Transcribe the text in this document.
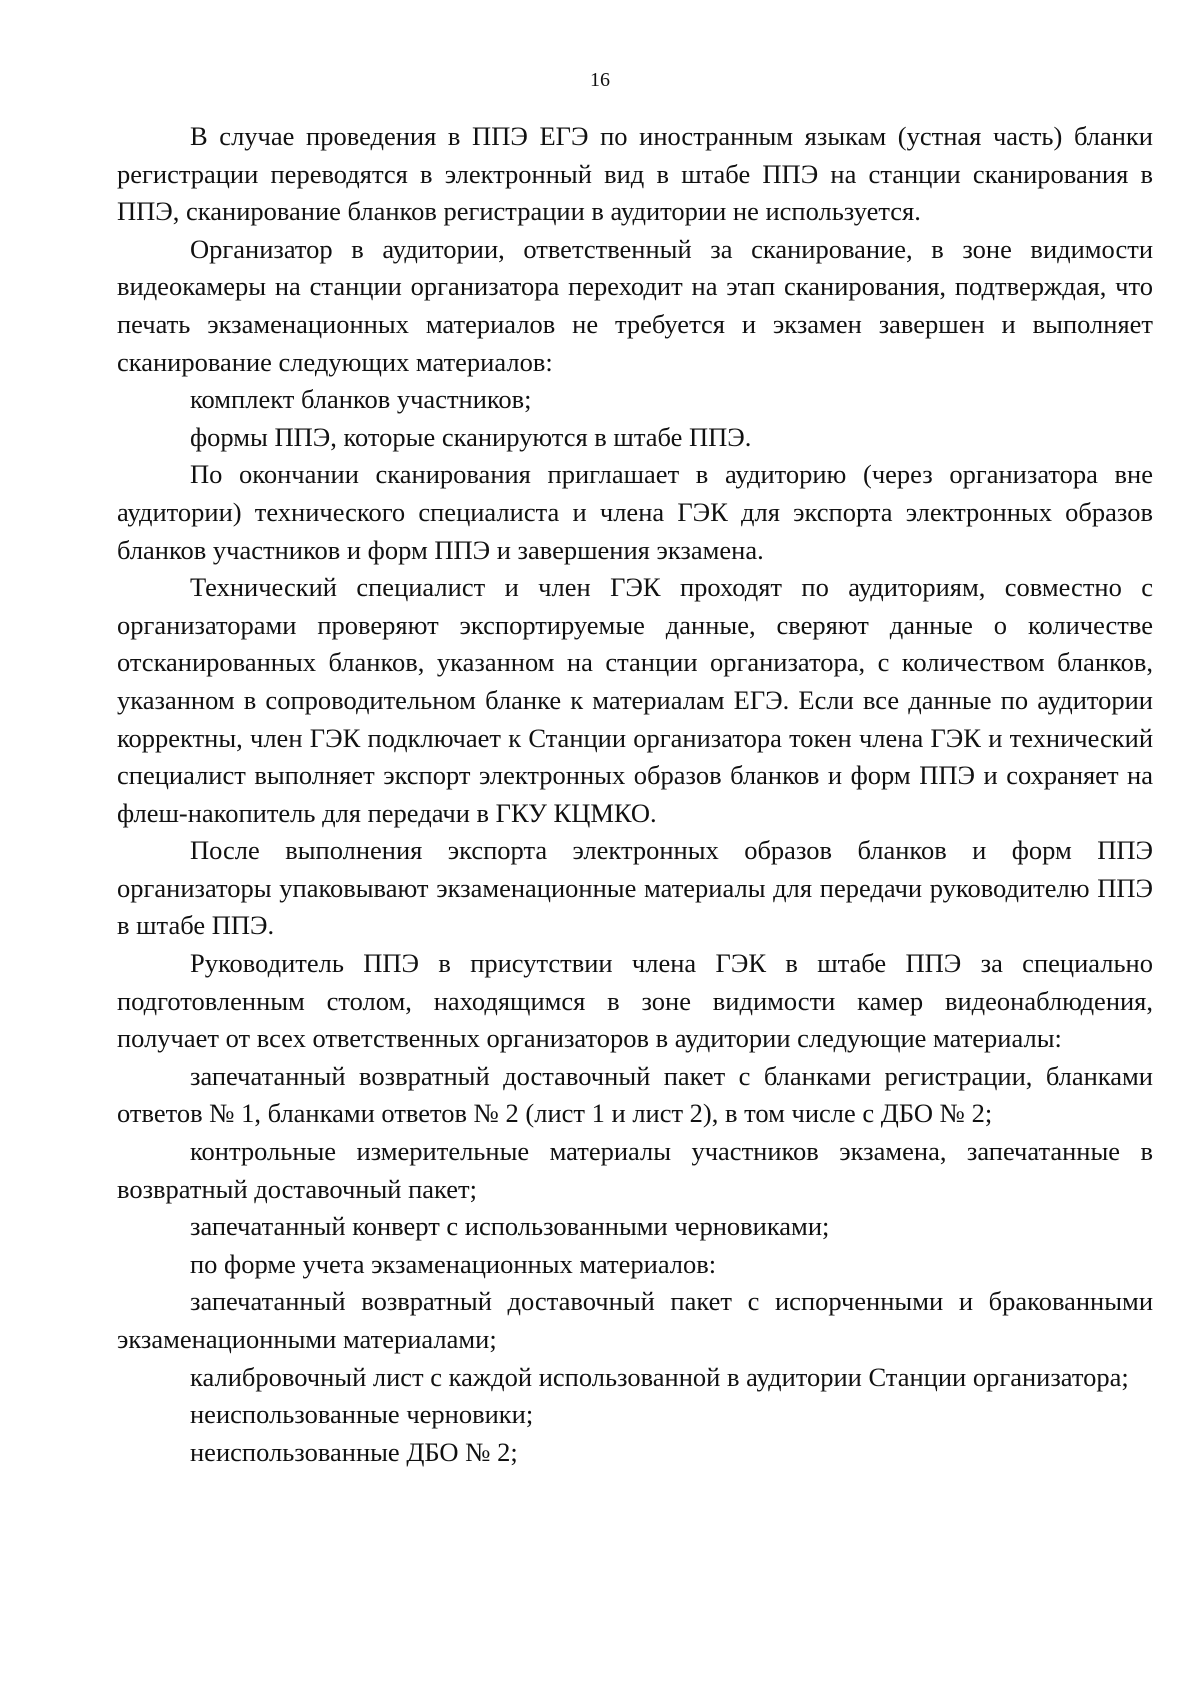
16

В случае проведения в ППЭ ЕГЭ по иностранным языкам (устная часть) бланки регистрации переводятся в электронный вид в штабе ППЭ на станции сканирования в ППЭ, сканирование бланков регистрации в аудитории не используется.

Организатор в аудитории, ответственный за сканирование, в зоне видимости видеокамеры на станции организатора переходит на этап сканирования, подтверждая, что печать экзаменационных материалов не требуется и экзамен завершен и выполняет сканирование следующих материалов:

комплект бланков участников;

формы ППЭ, которые сканируются в штабе ППЭ.

По окончании сканирования приглашает в аудиторию (через организатора вне аудитории) технического специалиста и члена ГЭК для экспорта электронных образов бланков участников и форм ППЭ и завершения экзамена.

Технический специалист и член ГЭК проходят по аудиториям, совместно с организаторами проверяют экспортируемые данные, сверяют данные о количестве отсканированных бланков, указанном на станции организатора, с количеством бланков, указанном в сопроводительном бланке к материалам ЕГЭ. Если все данные по аудитории корректны, член ГЭК подключает к Станции организатора токен члена ГЭК и технический специалист выполняет экспорт электронных образов бланков и форм ППЭ и сохраняет на флеш-накопитель для передачи в ГКУ КЦМКО.

После выполнения экспорта электронных образов бланков и форм ППЭ организаторы упаковывают экзаменационные материалы для передачи руководителю ППЭ в штабе ППЭ.

Руководитель ППЭ в присутствии члена ГЭК в штабе ППЭ за специально подготовленным столом, находящимся в зоне видимости камер видеонаблюдения, получает от всех ответственных организаторов в аудитории следующие материалы:

запечатанный возвратный доставочный пакет с бланками регистрации, бланками ответов № 1, бланками ответов № 2 (лист 1 и лист 2), в том числе с ДБО № 2;

контрольные измерительные материалы участников экзамена, запечатанные в возвратный доставочный пакет;

запечатанный конверт с использованными черновиками;

по форме учета экзаменационных материалов:

запечатанный возвратный доставочный пакет с испорченными и бракованными экзаменационными материалами;

калибровочный лист с каждой использованной в аудитории Станции организатора;

неиспользованные черновики;

неиспользованные ДБО № 2;
